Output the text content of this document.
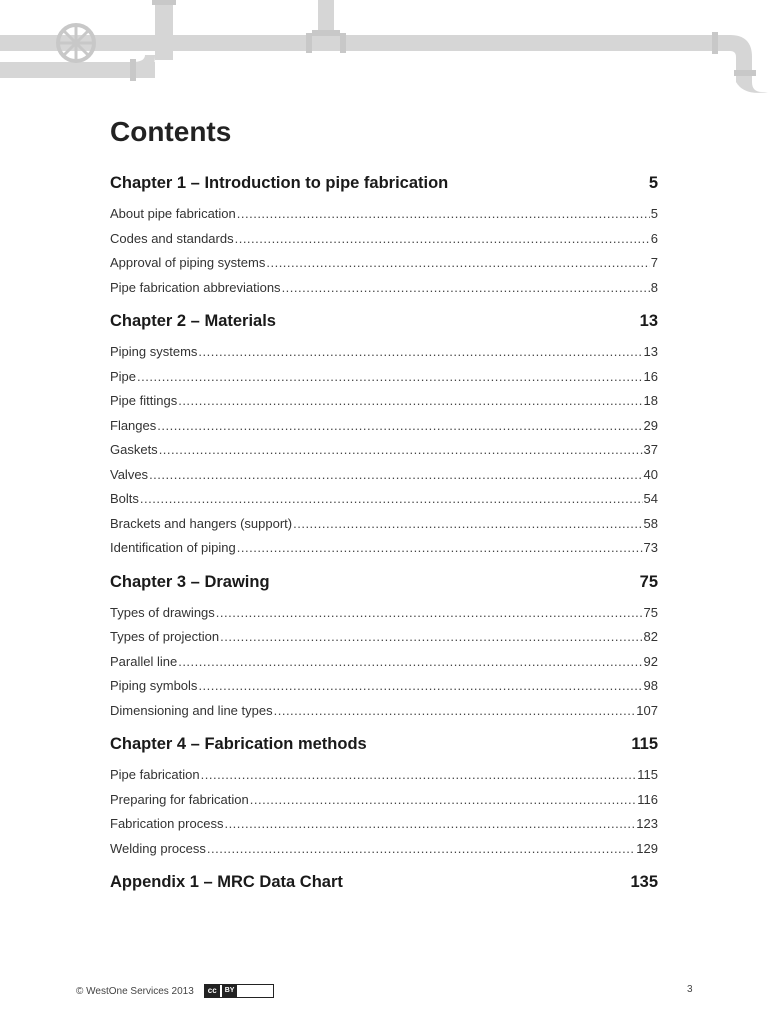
Contents
Chapter 1 – Introduction to pipe fabrication	5
About pipe fabrication .....	5
Codes and standards .....	6
Approval of piping systems .....	7
Pipe fabrication abbreviations .....	8
Chapter 2 – Materials	13
Piping systems .....	13
Pipe .....	16
Pipe fittings .....	18
Flanges .....	29
Gaskets .....	37
Valves .....	40
Bolts .....	54
Brackets and hangers (support) .....	58
Identification of piping .....	73
Chapter 3 – Drawing	75
Types of drawings .....	75
Types of projection .....	82
Parallel line .....	92
Piping symbols .....	98
Dimensioning and line types .....	107
Chapter 4 – Fabrication methods	115
Pipe fabrication .....	115
Preparing for fabrication .....	116
Fabrication process .....	123
Welding process .....	129
Appendix 1 – MRC Data Chart	135
© WestOne Services 2013	cc	BY	3
